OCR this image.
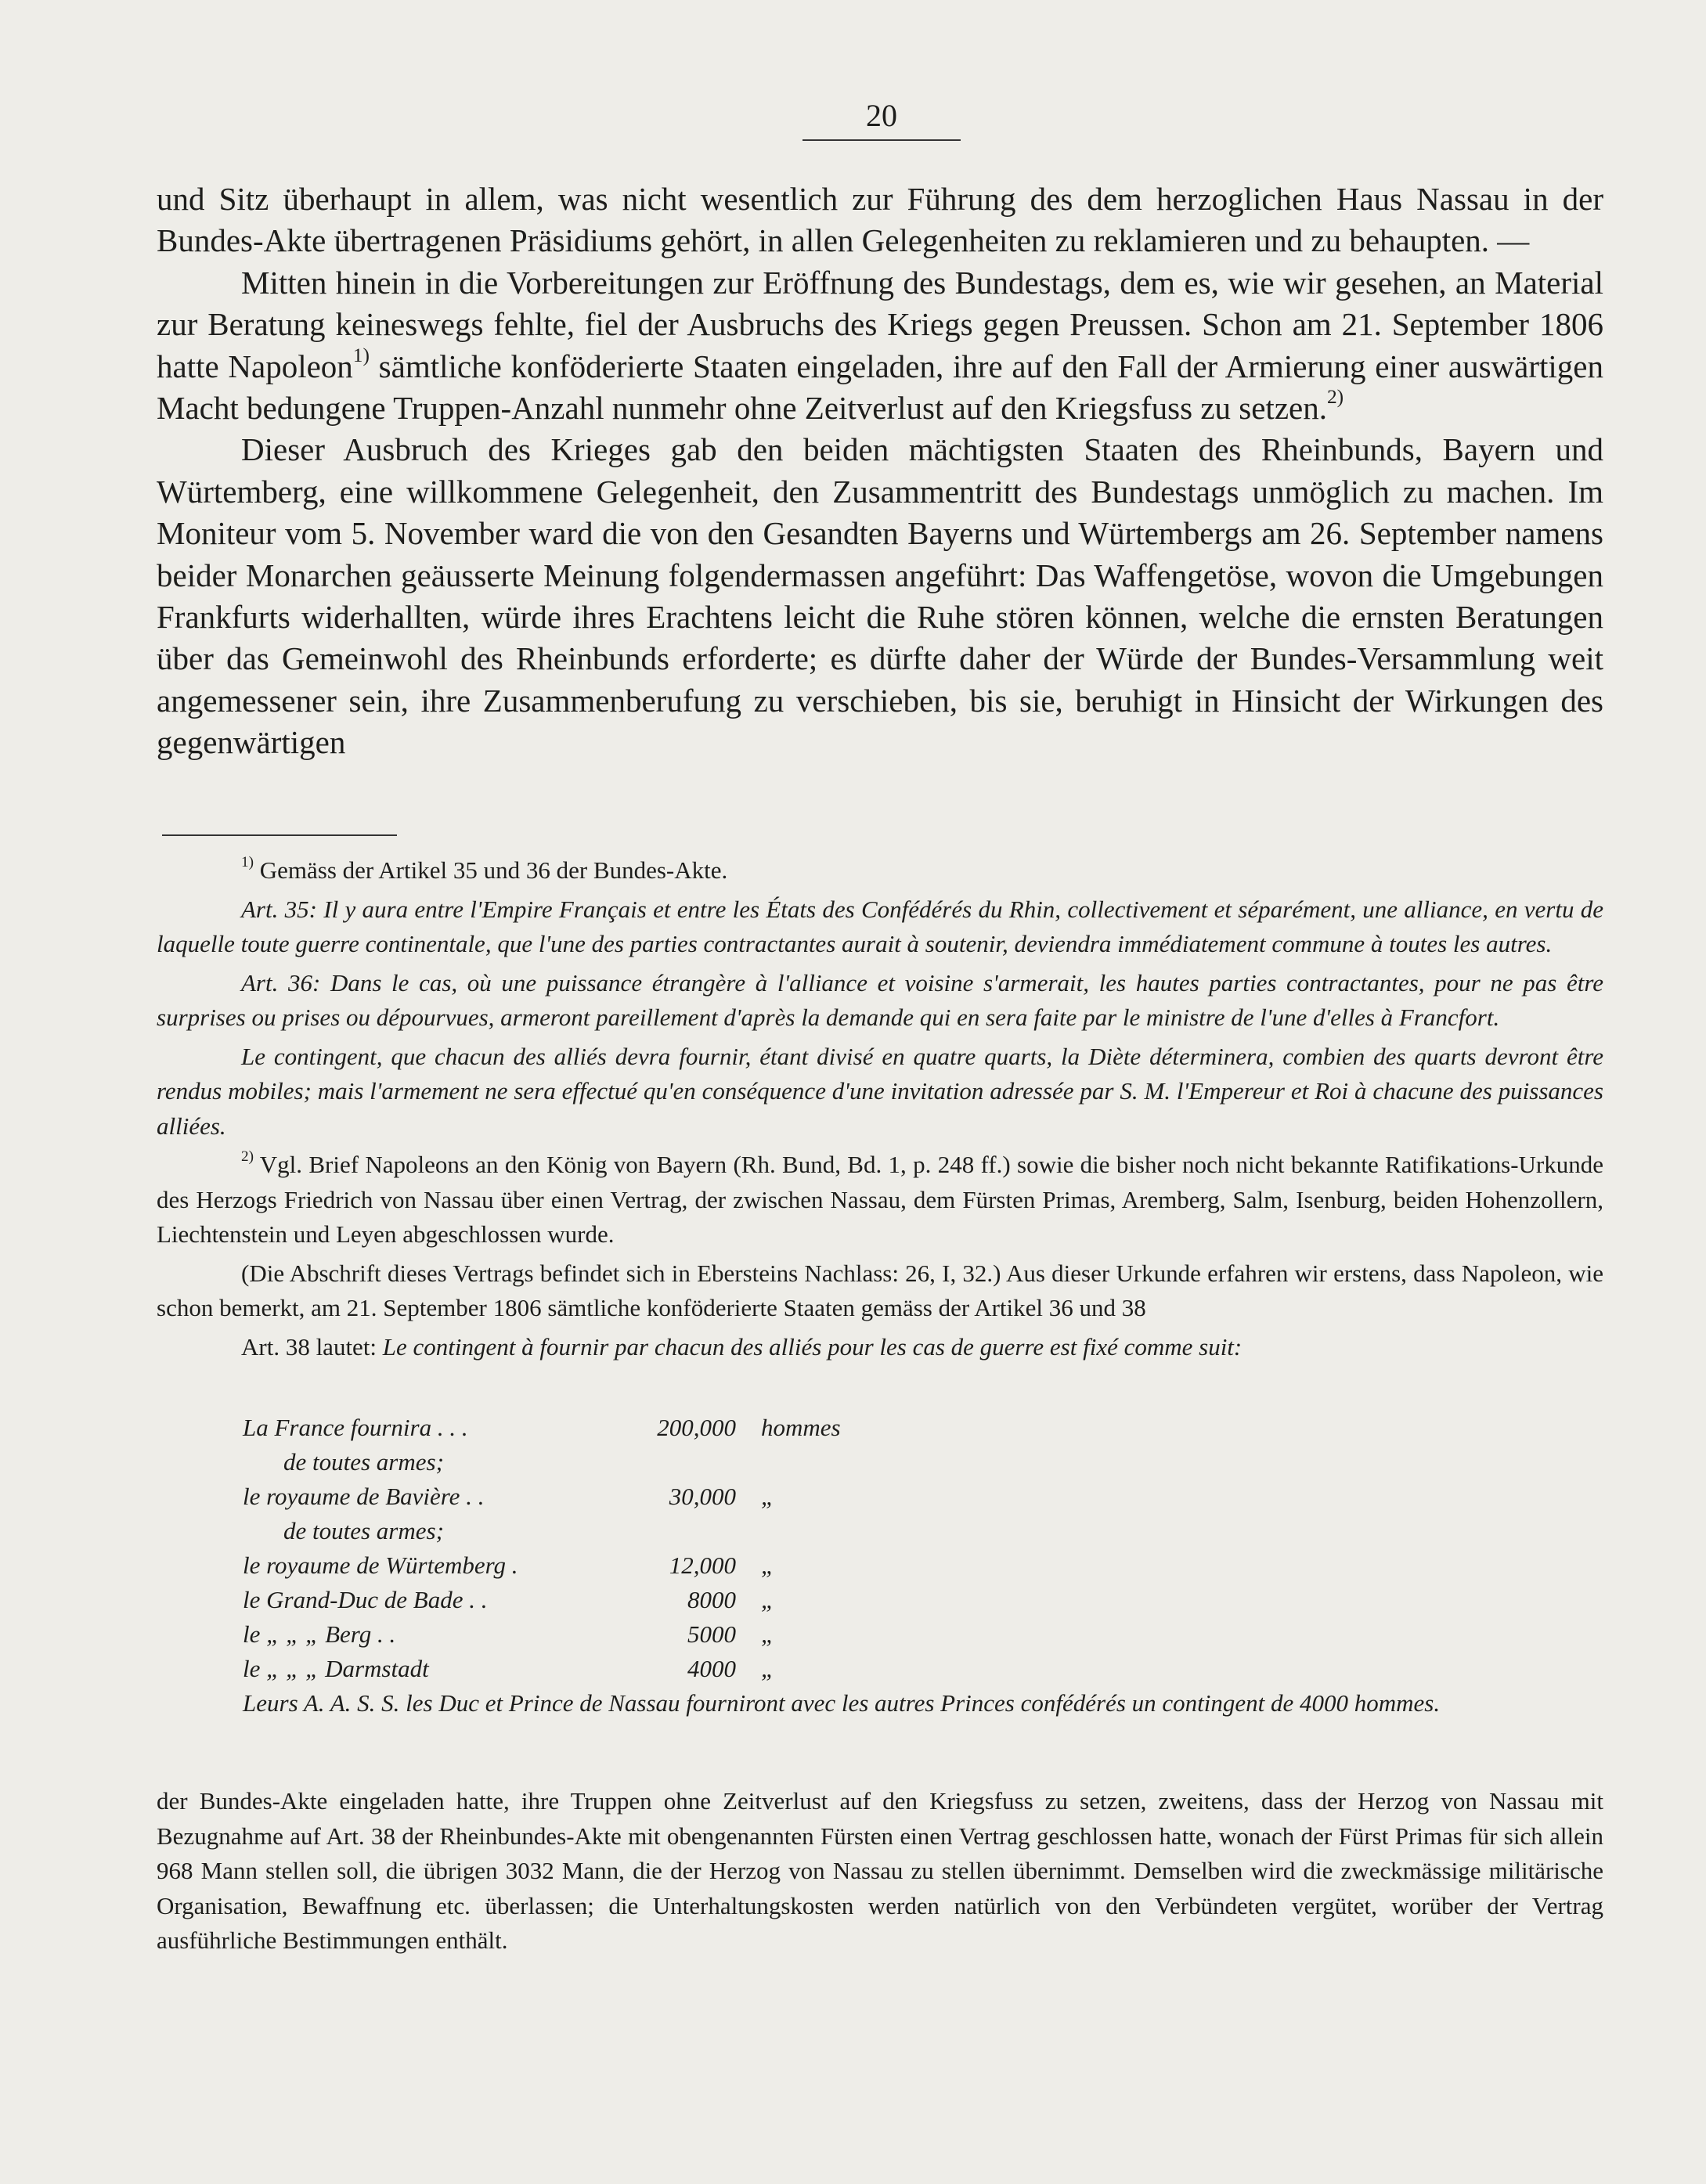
20

und Sitz überhaupt in allem, was nicht wesentlich zur Führung des dem herzoglichen Haus Nassau in der Bundes-Akte übertragenen Präsidiums gehört, in allen Gelegenheiten zu reklamieren und zu behaupten. —

Mitten hinein in die Vorbereitungen zur Eröffnung des Bundestags, dem es, wie wir gesehen, an Material zur Beratung keineswegs fehlte, fiel der Ausbruchs des Kriegs gegen Preussen. Schon am 21. September 1806 hatte Napoleon$^{1)}$ sämtliche konföderierte Staaten eingeladen, ihre auf den Fall der Armierung einer auswärtigen Macht bedungene Truppen-Anzahl nunmehr ohne Zeitverlust auf den Kriegsfuss zu setzen.$^{2)}$

Dieser Ausbruch des Krieges gab den beiden mächtigsten Staaten des Rheinbunds, Bayern und Würtemberg, eine willkommene Gelegenheit, den Zusammentritt des Bundestags unmöglich zu machen. Im Moniteur vom 5. November ward die von den Gesandten Bayerns und Würtembergs am 26. September namens beider Monarchen geäusserte Meinung folgendermassen angeführt: Das Waffengetöse, wovon die Umgebungen Frankfurts widerhallten, würde ihres Erachtens leicht die Ruhe stören können, welche die ernsten Beratungen über das Gemeinwohl des Rheinbunds erforderte; es dürfte daher der Würde der Bundes-Versammlung weit angemessener sein, ihre Zusammenberufung zu verschieben, bis sie, beruhigt in Hinsicht der Wirkungen des gegenwärtigen

$^{1)}$ Gemäss der Artikel 35 und 36 der Bundes-Akte.

Art. 35: Il y aura entre l'Empire Français et entre les États des Confédérés du Rhin, collectivement et séparément, une alliance, en vertu de laquelle toute guerre continentale, que l'une des parties contractantes aurait à soutenir, deviendra immédiatement commune à toutes les autres.

Art. 36: Dans le cas, où une puissance étrangère à l'alliance et voisine s'armerait, les hautes parties contractantes, pour ne pas être surprises ou prises ou dépourvues, armeront pareillement d'après la demande qui en sera faite par le ministre de l'une d'elles à Francfort.

Le contingent, que chacun des alliés devra fournir, étant divisé en quatre quarts, la Diète déterminera, combien des quarts devront être rendus mobiles; mais l'armement ne sera effectué qu'en conséquence d'une invitation adressée par S. M. l'Empereur et Roi à chacune des puissances alliées.

$^{2)}$ Vgl. Brief Napoleons an den König von Bayern (Rh. Bund, Bd. 1, p. 248 ff.) sowie die bisher noch nicht bekannte Ratifikations-Urkunde des Herzogs Friedrich von Nassau über einen Vertrag, der zwischen Nassau, dem Fürsten Primas, Aremberg, Salm, Isenburg, beiden Hohenzollern, Liechtenstein und Leyen abgeschlossen wurde.

(Die Abschrift dieses Vertrags befindet sich in Ebersteins Nachlass: 26, I, 32.) Aus dieser Urkunde erfahren wir erstens, dass Napoleon, wie schon bemerkt, am 21. September 1806 sämtliche konföderierte Staaten gemäss der Artikel 36 und 38

Art. 38 lautet: Le contingent à fournir par chacun des alliés pour les cas de guerre est fixé comme suit:

La France fournira . . .	200,000	hommes
de toutes armes;
le royaume de Bavière . .	30,000	„
de toutes armes;
le royaume de Würtemberg .	12,000	„
le Grand-Duc de Bade . .	8000	„
le „ „ „ Berg . .	5000	„
le „ „ „ Darmstadt	4000	„
Leurs A. A. S. S. les Duc et Prince de Nassau fourniront avec les autres Princes confédérés un contingent de 4000 hommes.

der Bundes-Akte eingeladen hatte, ihre Truppen ohne Zeitverlust auf den Kriegsfuss zu setzen, zweitens, dass der Herzog von Nassau mit Bezugnahme auf Art. 38 der Rheinbundes-Akte mit obengenannten Fürsten einen Vertrag geschlossen hatte, wonach der Fürst Primas für sich allein 968 Mann stellen soll, die übrigen 3032 Mann, die der Herzog von Nassau zu stellen übernimmt. Demselben wird die zweckmässige militärische Organisation, Bewaffnung etc. überlassen; die Unterhaltungskosten werden natürlich von den Verbündeten vergütet, worüber der Vertrag ausführliche Bestimmungen enthält.
